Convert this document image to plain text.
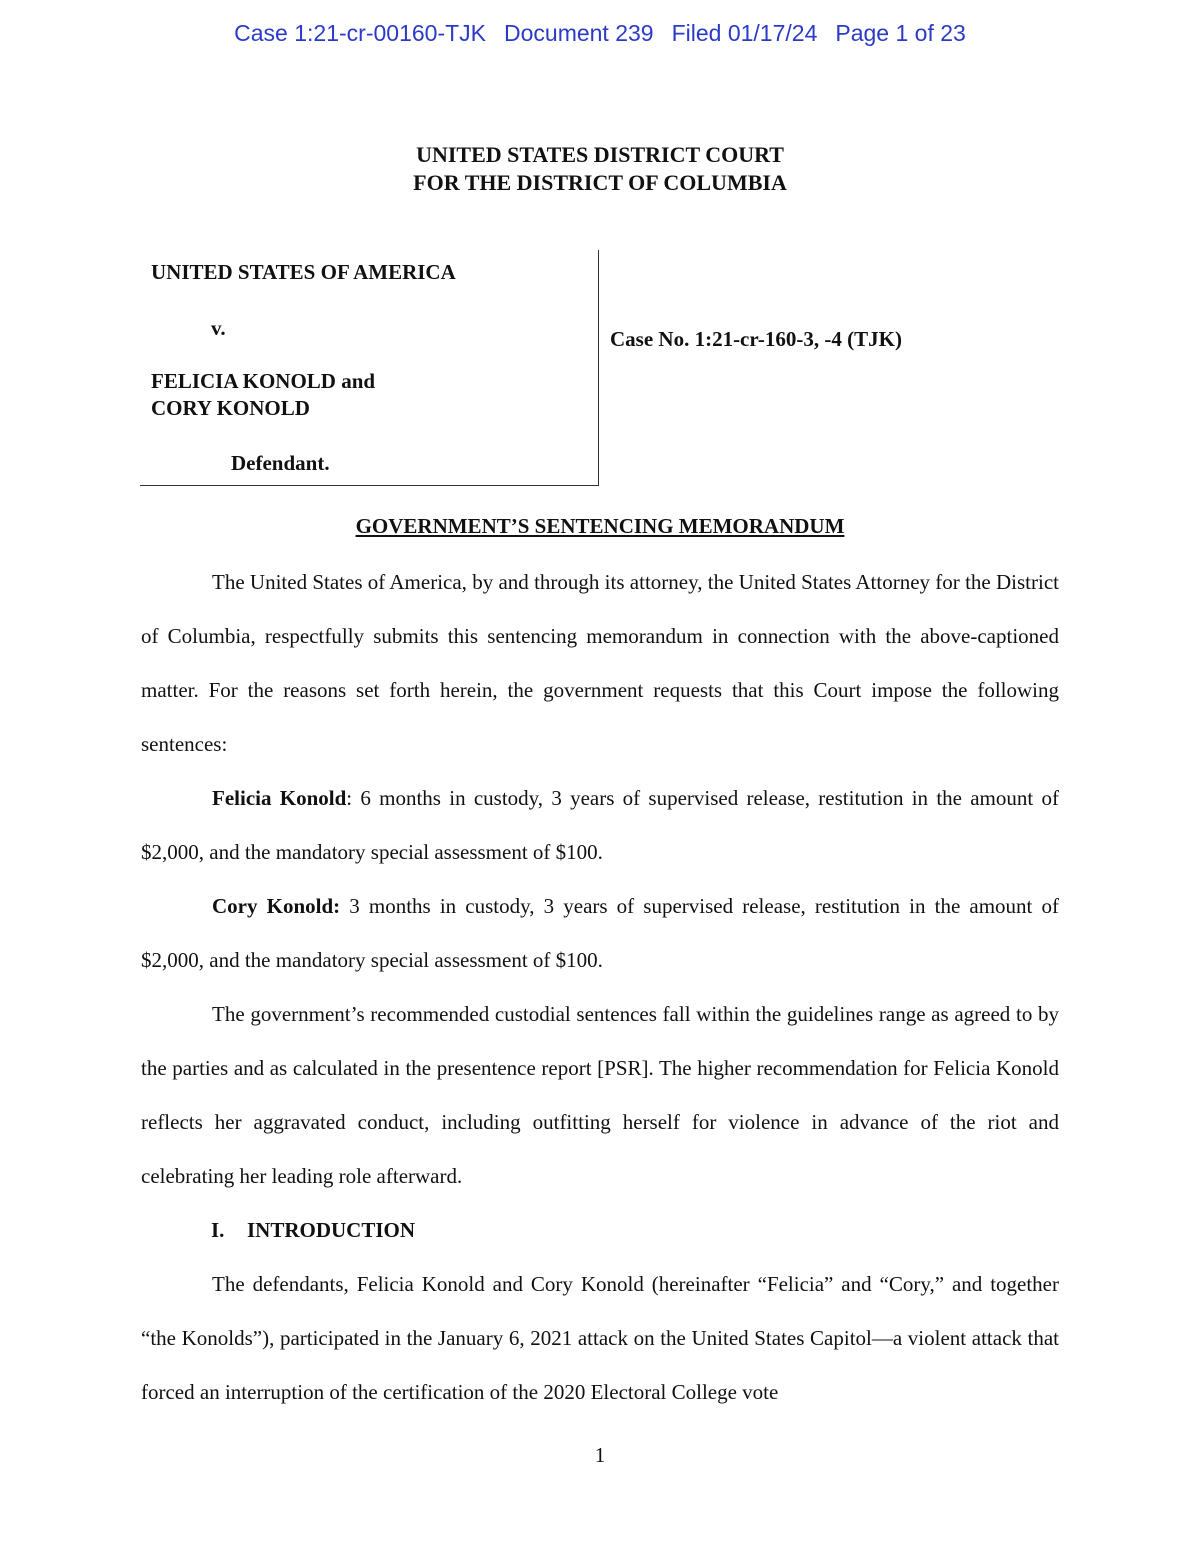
Case 1:21-cr-00160-TJK Document 239 Filed 01/17/24 Page 1 of 23
UNITED STATES DISTRICT COURT
FOR THE DISTRICT OF COLUMBIA
UNITED STATES OF AMERICA
v.
FELICIA KONOLD and
CORY KONOLD
Defendant.
Case No. 1:21-cr-160-3, -4 (TJK)
GOVERNMENT’S SENTENCING MEMORANDUM

The United States of America, by and through its attorney, the United States Attorney for the District of Columbia, respectfully submits this sentencing memorandum in connection with the above-captioned matter. For the reasons set forth herein, the government requests that this Court impose the following sentences:

Felicia Konold: 6 months in custody, 3 years of supervised release, restitution in the amount of $2,000, and the mandatory special assessment of $100.

Cory Konold: 3 months in custody, 3 years of supervised release, restitution in the amount of $2,000, and the mandatory special assessment of $100.

The government’s recommended custodial sentences fall within the guidelines range as agreed to by the parties and as calculated in the presentence report [PSR]. The higher recommendation for Felicia Konold reflects her aggravated conduct, including outfitting herself for violence in advance of the riot and celebrating her leading role afterward.

I. INTRODUCTION

The defendants, Felicia Konold and Cory Konold (hereinafter “Felicia” and “Cory,” and together “the Konolds”), participated in the January 6, 2021 attack on the United States Capitol—a violent attack that forced an interruption of the certification of the 2020 Electoral College vote

1
